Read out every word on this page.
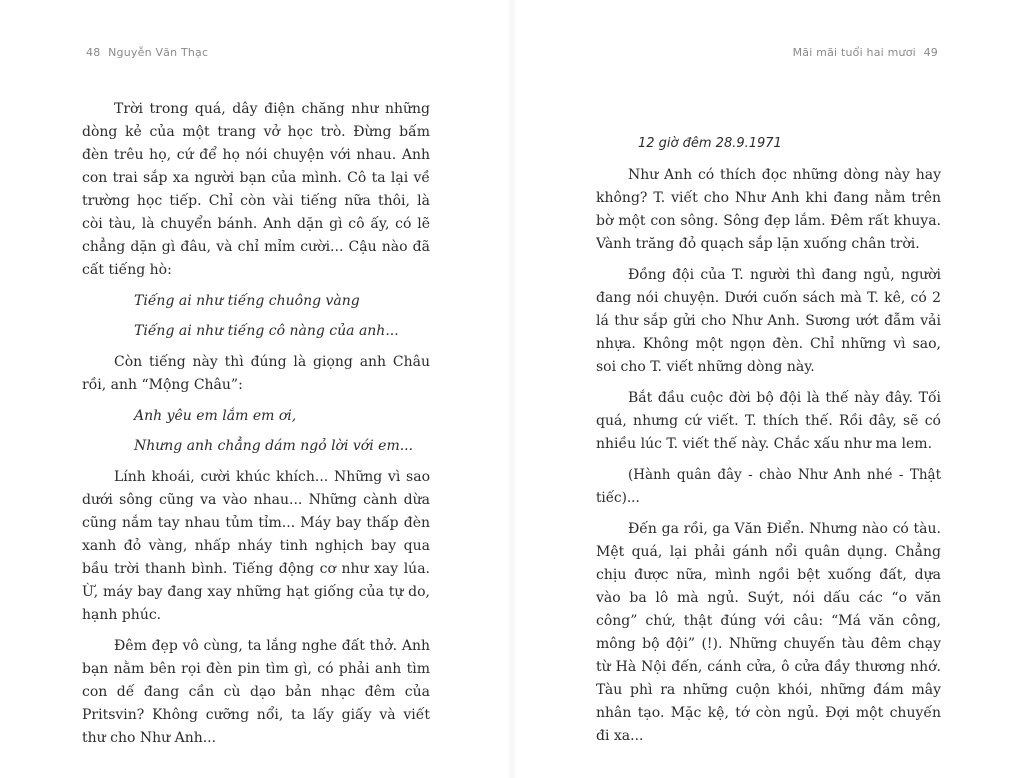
48 Nguyễn Văn Thạc

Trời trong quá, dây điện chăng như những dòng kẻ của một trang vở học trò. Đừng bấm đèn trêu họ, cứ để họ nói chuyện với nhau. Anh con trai sắp xa người bạn của mình. Cô ta lại về trường học tiếp. Chỉ còn vài tiếng nữa thôi, là còi tàu, là chuyển bánh. Anh dặn gì cô ấy, có lẽ chẳng dặn gì đâu, và chỉ mỉm cười... Cậu nào đã cất tiếng hò:

Tiếng ai như tiếng chuông vàng

Tiếng ai như tiếng cô nàng của anh...

Còn tiếng này thì đúng là giọng anh Châu rồi, anh “Mộng Châu”:

Anh yêu em lắm em ơi,

Nhưng anh chẳng dám ngỏ lời với em...

Lính khoái, cười khúc khích... Những vì sao dưới sông cũng va vào nhau... Những cành dừa cũng nắm tay nhau tủm tỉm... Máy bay thấp đèn xanh đỏ vàng, nhấp nháy tinh nghịch bay qua bầu trời thanh bình. Tiếng động cơ như xay lúa. Ừ, máy bay đang xay những hạt giống của tự do, hạnh phúc.

Đêm đẹp vô cùng, ta lắng nghe đất thở. Anh bạn nằm bên rọi đèn pin tìm gì, có phải anh tìm con dế đang cần cù dạo bản nhạc đêm của Pritsvin? Không cưỡng nổi, ta lấy giấy và viết thư cho Như Anh...

Mãi mãi tuổi hai mươi 49

12 giờ đêm 28.9.1971

Như Anh có thích đọc những dòng này hay không? T. viết cho Như Anh khi đang nằm trên bờ một con sông. Sông đẹp lắm. Đêm rất khuya. Vành trăng đỏ quạch sắp lặn xuống chân trời.

Đồng đội của T. người thì đang ngủ, người đang nói chuyện. Dưới cuốn sách mà T. kê, có 2 lá thư sắp gửi cho Như Anh. Sương ướt đẫm vải nhựa. Không một ngọn đèn. Chỉ những vì sao, soi cho T. viết những dòng này.

Bắt đầu cuộc đời bộ đội là thế này đây. Tối quá, nhưng cứ viết. T. thích thế. Rồi đây, sẽ có nhiều lúc T. viết thế này. Chắc xấu như ma lem.

(Hành quân đây - chào Như Anh nhé - Thật tiếc)...

Đến ga rồi, ga Văn Điển. Nhưng nào có tàu. Mệt quá, lại phải gánh nổi quân dụng. Chẳng chịu được nữa, mình ngồi bệt xuống đất, dựa vào ba lô mà ngủ. Suýt, nói dấu các “o văn công” chứ, thật đúng với câu: “Má văn công, mông bộ đội” (!). Những chuyến tàu đêm chạy từ Hà Nội đến, cánh cửa, ô cửa đầy thương nhớ. Tàu phì ra những cuộn khói, những đám mây nhân tạo. Mặc kệ, tớ còn ngủ. Đợi một chuyến đi xa...
